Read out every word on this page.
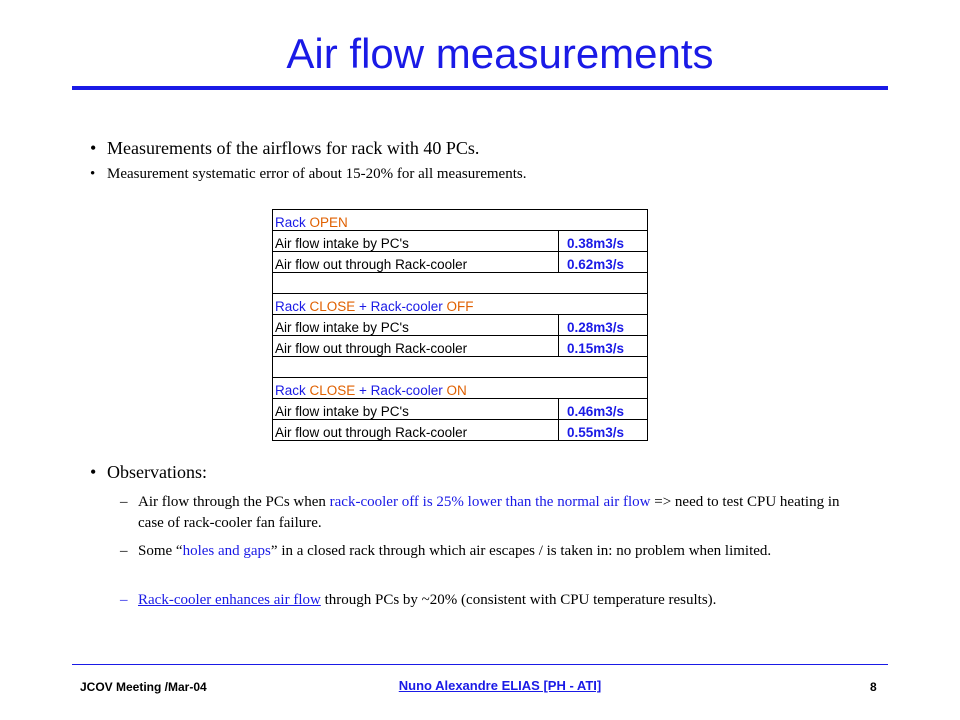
Air flow measurements
• Measurements of the airflows for rack with 40 PCs.
• Measurement systematic error of about 15-20% for all measurements.
Rack OPEN	
Air flow intake by PC's	0.38m3/s
Air flow out through Rack-cooler	0.62m3/s

Rack CLOSE + Rack-cooler OFF	
Air flow intake by PC's	0.28m3/s
Air flow out through Rack-cooler	0.15m3/s

Rack CLOSE + Rack-cooler ON	
Air flow intake by PC's	0.46m3/s
Air flow out through Rack-cooler	0.55m3/s
• Observations:
– Air flow through the PCs when rack-cooler off is 25% lower than the normal air flow => need to test CPU heating in case of rack-cooler fan failure.
– Some “holes and gaps” in a closed rack through which air escapes / is taken in: no problem when limited.
– Rack-cooler enhances air flow through PCs by ~20% (consistent with CPU temperature results).
JCOV Meeting /Mar-04	Nuno Alexandre ELIAS [PH - ATI]	8
